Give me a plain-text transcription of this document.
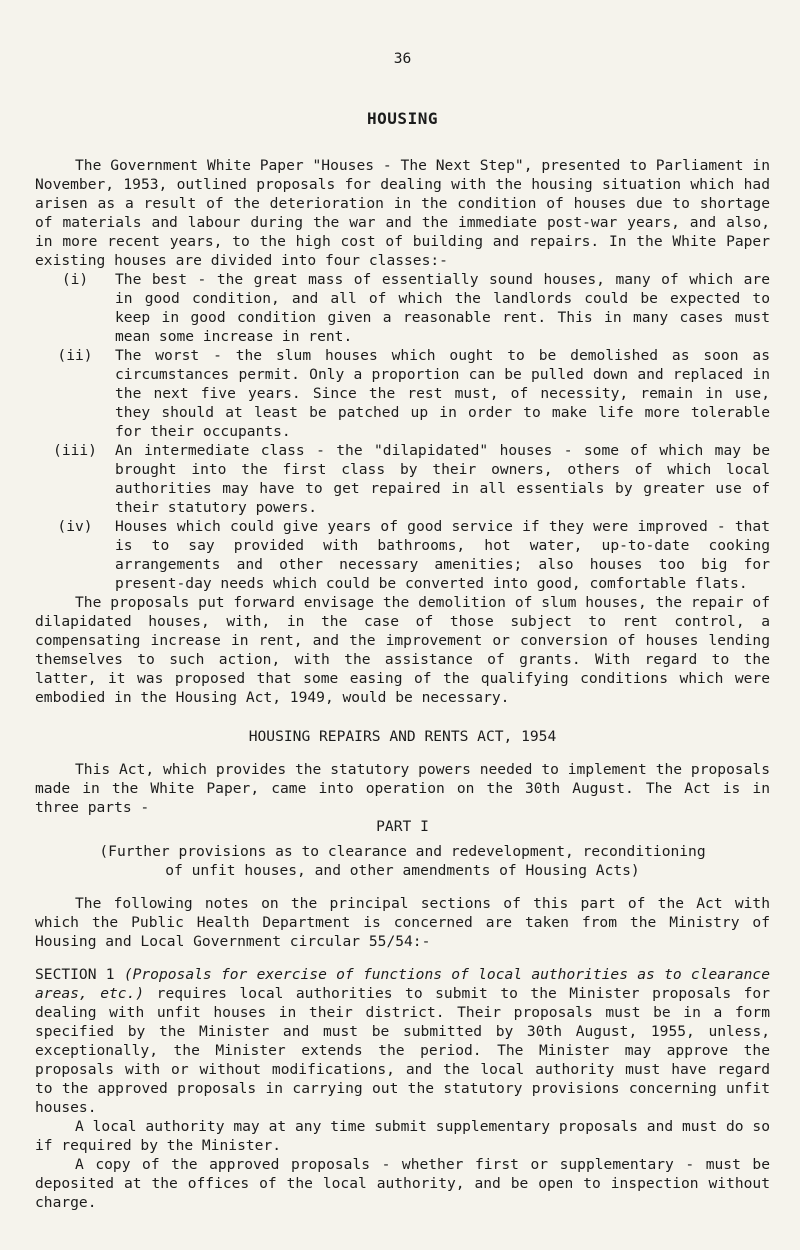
36
HOUSING

The Government White Paper "Houses - The Next Step", presented to Parliament in November, 1953, outlined proposals for dealing with the housing situation which had arisen as a result of the deterioration in the condition of houses due to shortage of materials and labour during the war and the immediate post-war years, and also, in more recent years, to the high cost of building and repairs. In the White Paper existing houses are divided into four classes:-

(i)	The best - the great mass of essentially sound houses, many of which are in good condition, and all of which the landlords could be expected to keep in good condition given a reasonable rent. This in many cases must mean some increase in rent.
(ii)	The worst - the slum houses which ought to be demolished as soon as circumstances permit. Only a proportion can be pulled down and replaced in the next five years. Since the rest must, of necessity, remain in use, they should at least be patched up in order to make life more tolerable for their occupants.
(iii)	An intermediate class - the "dilapidated" houses - some of which may be brought into the first class by their owners, others of which local authorities may have to get repaired in all essentials by greater use of their statutory powers.
(iv)	Houses which could give years of good service if they were improved - that is to say provided with bathrooms, hot water, up-to-date cooking arrangements and other necessary amenities; also houses too big for present-day needs which could be converted into good, comfortable flats.

The proposals put forward envisage the demolition of slum houses, the repair of dilapidated houses, with, in the case of those subject to rent control, a compensating increase in rent, and the improvement or conversion of houses lending themselves to such action, with the assistance of grants. With regard to the latter, it was proposed that some easing of the qualifying conditions which were embodied in the Housing Act, 1949, would be necessary.

HOUSING REPAIRS AND RENTS ACT, 1954

This Act, which provides the statutory powers needed to implement the proposals made in the White Paper, came into operation on the 30th August. The Act is in three parts -

PART I
(Further provisions as to clearance and redevelopment, reconditioning
of unfit houses, and other amendments of Housing Acts)

The following notes on the principal sections of this part of the Act with which the Public Health Department is concerned are taken from the Ministry of Housing and Local Government circular 55/54:-

SECTION 1 (Proposals for exercise of functions of local authorities as to clearance areas, etc.) requires local authorities to submit to the Minister proposals for dealing with unfit houses in their district. Their proposals must be in a form specified by the Minister and must be submitted by 30th August, 1955, unless, exceptionally, the Minister extends the period. The Minister may approve the proposals with or without modifications, and the local authority must have regard to the approved proposals in carrying out the statutory provisions concerning unfit houses.

A local authority may at any time submit supplementary proposals and must do so if required by the Minister.

A copy of the approved proposals - whether first or supplementary - must be deposited at the offices of the local authority, and be open to inspection without charge.
